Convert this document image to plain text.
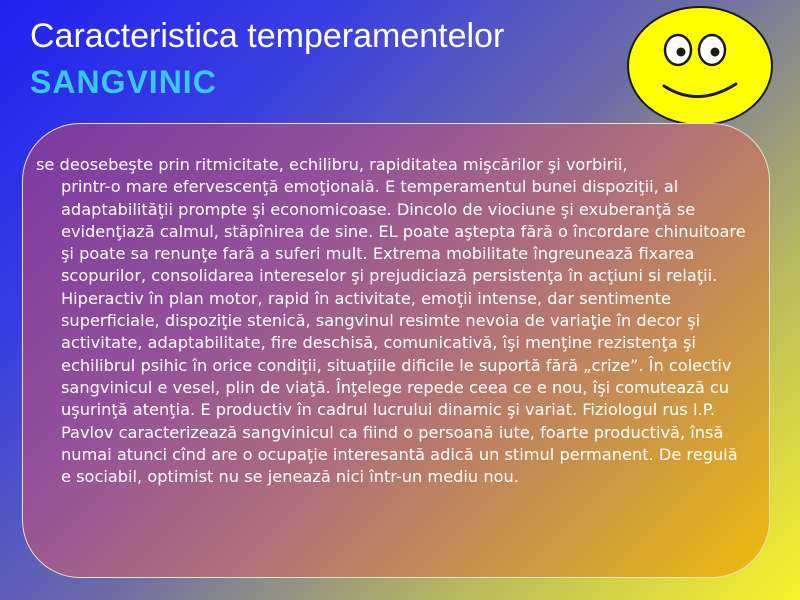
Caracteristica temperamentelor
SANGVINIC

se deosebeşte prin ritmicitate, echilibru, rapiditatea mişcărilor şi vorbirii,
printr-o mare efervescenţă emoţională. E temperamentul bunei dispoziţii, al adaptabilităţii prompte şi economicoase. Dincolo de viociune şi exuberanţă se evidenţiază calmul, stăpînirea de sine. EL poate aştepta fără o încordare chinuitoare şi poate sa renunţe fară a suferi mult. Extrema mobilitate îngreunează fixarea scopurilor, consolidarea intereselor şi prejudiciază persistenţa în acţiuni si relaţii. Hiperactiv în plan motor, rapid în activitate, emoţii intense, dar sentimente superficiale, dispoziţie stenică, sangvinul resimte nevoia de variaţie în decor şi activitate, adaptabilitate, fire deschisă, comunicativă, îşi menţine rezistenţa şi echilibrul psihic în orice condiţii, situaţiile dificile le suportă fără „crize”. În colectiv sangvinicul e vesel, plin de viaţă. Înţelege repede ceea ce e nou, îşi comutează cu uşurinţă atenţia. E productiv în cadrul lucrului dinamic şi variat. Fiziologul rus I.P. Pavlov caracterizează sangvinicul ca fiind o persoană iute, foarte productivă, însă numai atunci cînd are o ocupaţie interesantă adică un stimul permanent. De regulă e sociabil, optimist nu se jenează nici într-un mediu nou.
